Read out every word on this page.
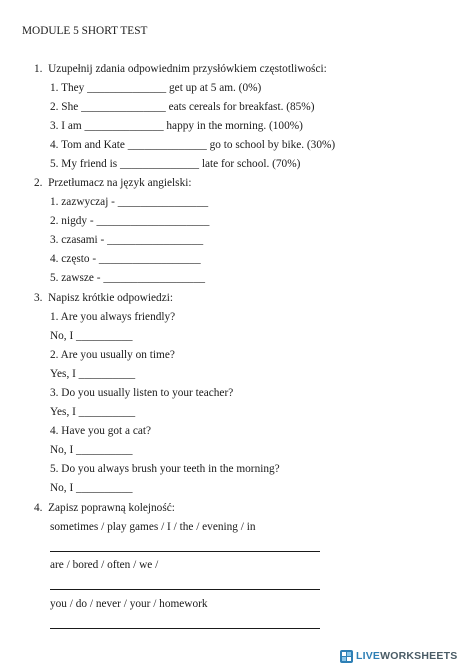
MODULE 5 SHORT TEST
1. Uzupełnij zdania odpowiednim przysłówkiem częstotliwości:
1. They ______________ get up at 5 am. (0%)
2. She _______________ eats cereals for breakfast. (85%)
3. I am ______________ happy in the morning. (100%)
4. Tom and Kate ______________ go to school by bike. (30%)
5. My friend is ______________ late for school. (70%)
2. Przetłumacz na język angielski:
1. zazwyczaj - ________________
2. nigdy - ____________________
3. czasami - _________________
4. często - __________________
5. zawsze - __________________
3. Napisz krótkie odpowiedzi:
1. Are you always friendly?
No, I __________
2. Are you usually on time?
Yes, I __________
3. Do you usually listen to your teacher?
Yes, I __________
4. Have you got a cat?
No, I __________
5. Do you always brush your teeth in the morning?
No, I __________
4. Zapisz poprawną kolejność:
sometimes / play games / I / the / evening / in
are / bored / often / we /
you / do / never / your / homework
LIVEWORKSHEETS
